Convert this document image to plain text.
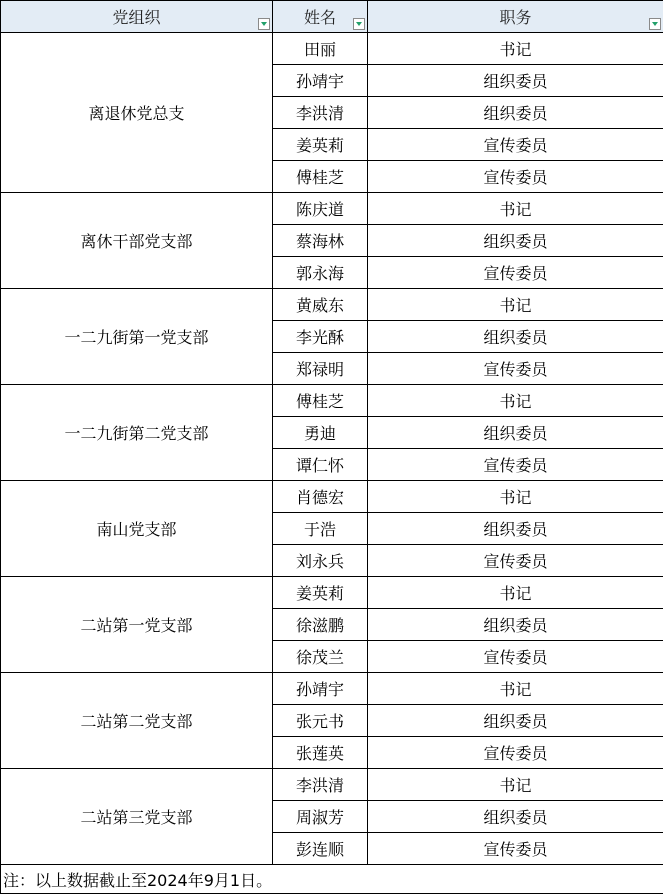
党组织	姓名	职务

离退休党总支	田丽	书记
	孙靖宇	组织委员
	李洪清	组织委员
	姜英莉	宣传委员
	傅桂芝	宣传委员
离休干部党支部	陈庆道	书记
	蔡海林	组织委员
	郭永海	宣传委员
一二九街第一党支部	黄威东	书记
	李光酥	组织委员
	郑禄明	宣传委员
一二九街第二党支部	傅桂芝	书记
	勇迪	组织委员
	谭仁怀	宣传委员
南山党支部	肖德宏	书记
	于浩	组织委员
	刘永兵	宣传委员
二站第一党支部	姜英莉	书记
	徐滋鹏	组织委员
	徐茂兰	宣传委员
二站第二党支部	孙靖宇	书记
	张元书	组织委员
	张莲英	宣传委员
二站第三党支部	李洪清	书记
	周淑芳	组织委员
	彭连顺	宣传委员
注：以上数据截止至2024年9月1日。		
